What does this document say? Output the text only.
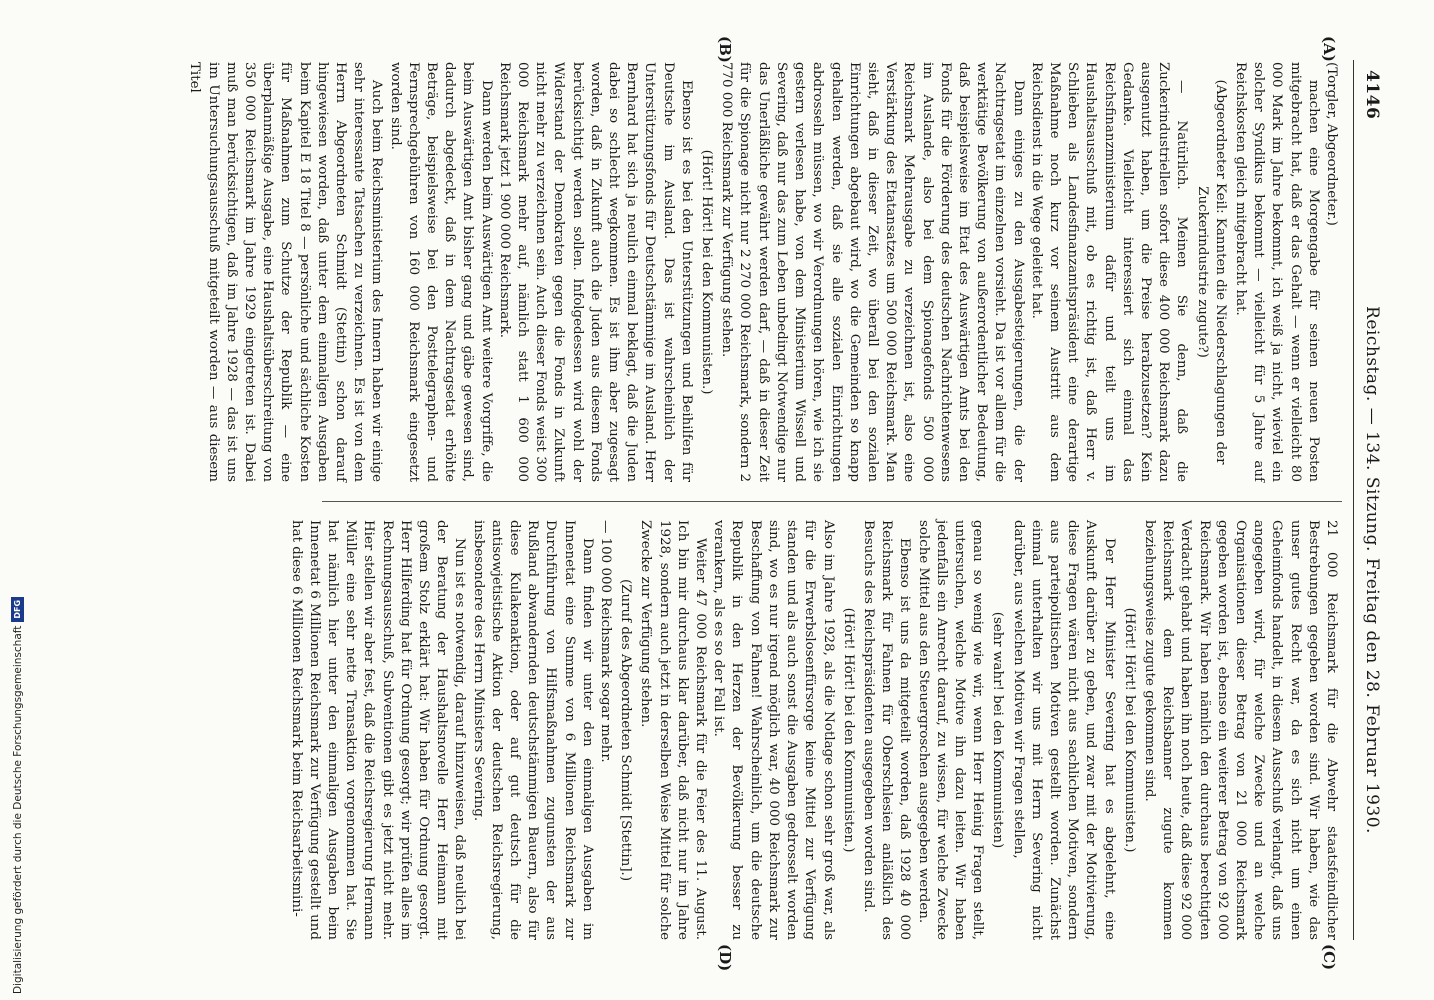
4146
Reichstag. — 134. Sitzung. Freitag den 28. Februar 1930.
(A)
(B)
(C)
(D)

(Torgler, Abgeordneter.)

machen eine Morgengabe für seinen neuen Posten mitgebracht hat, daß er das Gehalt — wenn er vielleicht 80 000 Mark im Jahre bekommt, ich weiß ja nicht, wieviel ein solcher Syndikus bekommt — vielleicht für 5 Jahre auf Reichskosten gleich mitgebracht hat.

(Abgeordneter Keil: Kannten die Niederschlagungen der Zuckerindustrie zugute?)

— Natürlich. Meinen Sie denn, daß die Zuckerindustriellen sofort diese 400 000 Reichsmark dazu ausgenutzt haben, um die Preise herabzusetzen? Kein Gedanke. Vielleicht interessiert sich einmal das Reichsfinanzministerium dafür und teilt uns im Haushaltsausschuß mit, ob es richtig ist, daß Herr v. Schlieben als Landesfinanzamtspräsident eine derartige Maßnahme noch kurz vor seinem Austritt aus dem Reichsdienst in die Wege geleitet hat.

Dann einiges zu den Ausgabesteigerungen, die der Nachtragsetat im einzelnen vorsieht. Da ist vor allem für die werktätige Bevölkerung von außerordentlicher Bedeutung, daß beispielsweise im Etat des Auswärtigen Amts bei den Fonds für die Förderung des deutschen Nachrichtenwesens im Auslande, also bei dem Spionagefonds 500 000 Reichsmark Mehrausgabe zu verzeichnen ist, also eine Verstärkung des Etatansatzes um 500 000 Reichsmark. Man sieht, daß in dieser Zeit, wo überall bei den sozialen Einrichtungen abgebaut wird, wo die Gemeinden so knapp gehalten werden, daß sie alle sozialen Einrichtungen abdrosseln müssen, wo wir Verordnungen hören, wie ich sie gestern verlesen habe, von dem Ministerium Wissell und Severing, daß nur das zum Leben unbedingt Notwendige nur das Unerläßliche gewährt werden darf, — daß in dieser Zeit für die Spionage nicht nur 2 270 000 Reichsmark, sondern 2 770 000 Reichsmark zur Verfügung stehen.

(Hört! Hört! bei den Kommunisten.)

Ebenso ist es bei den Unterstützungen und Beihilfen für Deutsche im Ausland. Das ist wahrscheinlich der Unterstützungsfonds für Deutschstämmige im Ausland. Herr Bernhard hat sich ja neulich einmal beklagt, daß die Juden dabei so schlecht wegkommen. Es ist ihm aber zugesagt worden, daß in Zukunft auch die Juden aus diesem Fonds berücksichtigt werden sollen. Infolgedessen wird wohl der Widerstand der Demokraten gegen die Fonds in Zukunft nicht mehr zu verzeichnen sein. Auch dieser Fonds weist 300 000 Reichsmark mehr auf, nämlich statt 1 600 000 Reichsmark jetzt 1 900 000 Reichsmark.

Dann werden beim Auswärtigen Amt weitere Vorgriffe, die beim Auswärtigen Amt bisher gang und gäbe gewesen sind, dadurch abgedeckt, daß in dem Nachtragsetat erhöhte Beträge, beispielsweise bei den Posttelegraphen- und Fernsprechgebühren von 160 000 Reichsmark eingesetzt worden sind.

Auch beim Reichsministerium des Innern haben wir einige sehr interessante Tatsachen zu verzeichnen. Es ist von dem Herrn Abgeordneten Schmidt (Stettin) schon darauf hingewiesen worden, daß unter dem einmaligen Ausgaben beim Kapitel E 18 Titel 8 — persönliche und sächliche Kosten für Maßnahmen zum Schutze der Republik — eine überplanmäßige Ausgabe, eine Haushaltsüberschreitung von 350 000 Reichsmark im Jahre 1929 eingetreten ist. Dabei muß man berücksichtigen, daß im Jahre 1928 — das ist uns im Untersuchungsausschuß mitgeteilt worden — aus diesem Titel

21 000 Reichsmark für die Abwehr staatsfeindlicher Bestrebungen gegeben worden sind. Wir haben, wie das unser gutes Recht war, da es sich nicht um einen Geheimfonds handelt, in diesem Ausschuß verlangt, daß uns angegeben wird, für welche Zwecke und an welche Organisationen dieser Betrag von 21 000 Reichsmark gegeben worden ist, ebenso ein weiterer Betrag von 92 000 Reichsmark. Wir haben nämlich den durchaus berechtigten Verdacht gehabt und haben ihn noch heute, daß diese 92 000 Reichsmark dem Reichsbanner zugute kommen beziehungsweise zugute gekommen sind.

(Hört! Hört! bei den Kommunisten.)

Der Herr Minister Severing hat es abgelehnt, eine Auskunft darüber zu geben, und zwar mit der Motivierung, diese Fragen wären nicht aus sachlichen Motiven, sondern aus parteipolitischen Motiven gestellt worden. Zunächst einmal unterhalten wir uns mit Herrn Severing nicht darüber, aus welchen Motiven wir Fragen stellen,

(sehr wahr! bei den Kommunisten)

genau so wenig wie wir, wenn Herr Heinig Fragen stellt, untersuchen, welche Motive ihn dazu leiten. Wir haben jedenfalls ein Anrecht darauf, zu wissen, für welche Zwecke solche Mittel aus den Steuergroschen ausgegeben werden.

Ebenso ist uns da mitgeteilt worden, daß 1928 40 000 Reichsmark für Fahnen für Oberschlesien anläßlich des Besuchs des Reichspräsidenten ausgegeben worden sind.

(Hört! Hört! bei den Kommunisten.)

Also im Jahre 1928, als die Notlage schon sehr groß war, als für die Erwerbslosenfürsorge keine Mittel zur Verfügung standen und als auch sonst die Ausgaben gedrosselt worden sind, wo es nur irgend möglich war, 40 000 Reichsmark zur Beschaffung von Fahnen! Wahrscheinlich, um die deutsche Republik in den Herzen der Bevölkerung besser zu verankern, als es so der Fall ist.

Weiter 47 000 Reichsmark für die Feier des 11. August. Ich bin mir durchaus klar darüber, daß nicht nur im Jahre 1928, sondern auch jetzt in derselben Weise Mittel für solche Zwecke zur Verfügung stehen.

(Zuruf des Abgeordneten Schmidt [Stettin].)

— 100 000 Reichsmark sogar mehr.

Dann finden wir unter den einmaligen Ausgaben im Innenetat eine Summe von 6 Millionen Reichsmark zur Durchführung von Hilfsmaßnahmen zugunsten der aus Rußland abwandernden deutschstämmigen Bauern, also für diese Kulakenaktion, oder auf gut deutsch für die antisowjetistische Aktion der deutschen Reichsregierung, insbesondere des Herrn Ministers Severing.

Nun ist es notwendig, darauf hinzuweisen, daß neulich bei der Beratung der Haushaltsnovelle Herr Heimann mit großem Stolz erklärt hat: Wir haben für Ordnung gesorgt. Herr Hilferding hat für Ordnung gesorgt; wir prüfen alles im Rechnungsausschuß, Subventionen gibt es jetzt nicht mehr. Hier stellen wir aber fest, daß die Reichsregierung Hermann Müller eine sehr nette Transaktion vorgenommen hat. Sie hat nämlich hier unter den einmaligen Ausgaben beim Innenetat 6 Millionen Reichsmark zur Verfügung gestellt und hat diese 6 Millionen Reichsmark beim Reichsarbeitsmini-

Digitalisierung gefördert durch die Deutsche Forschungsgemeinschaft
DFG
